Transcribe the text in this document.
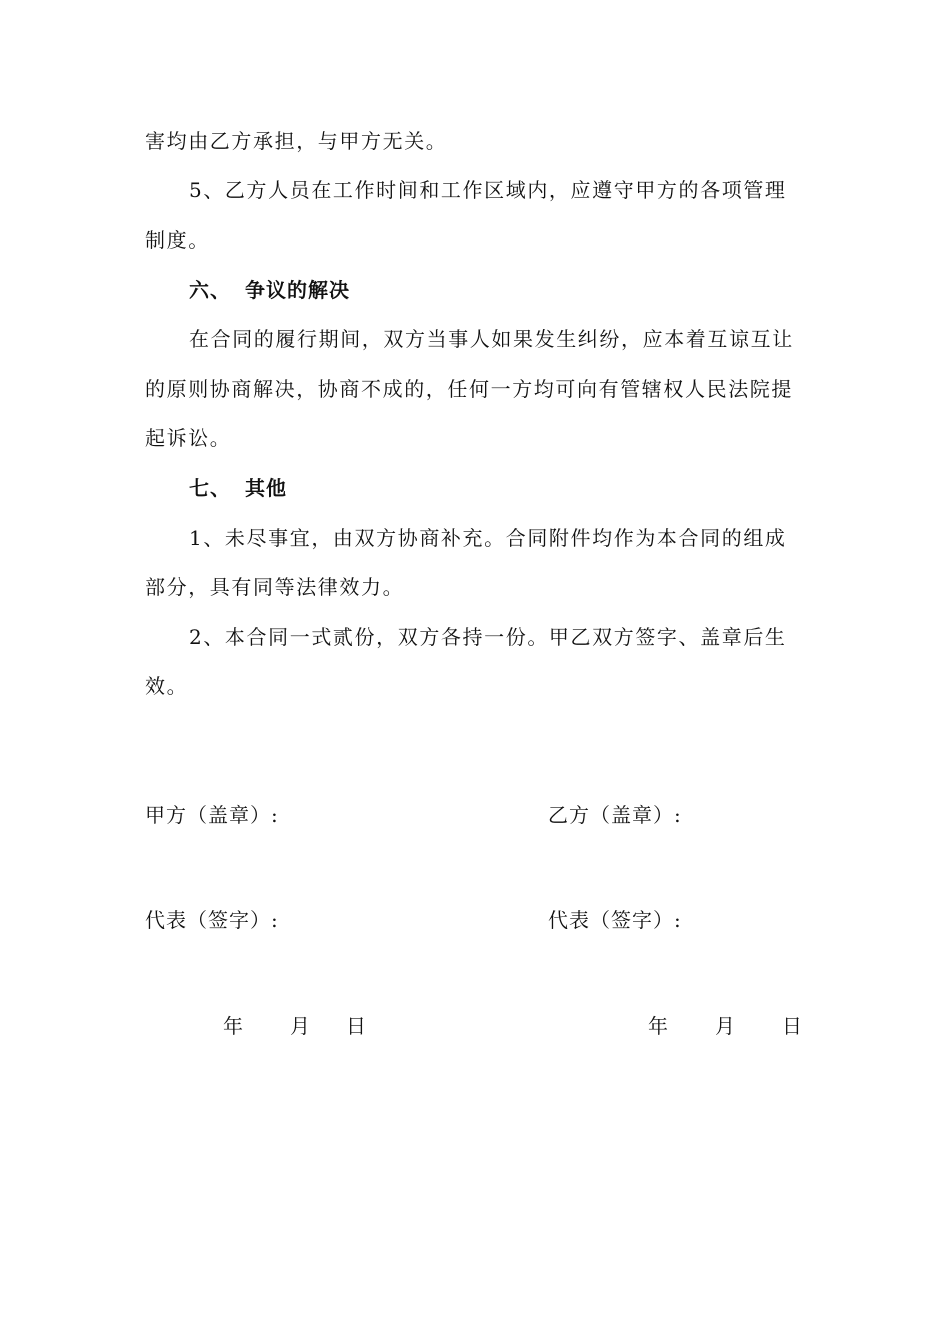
害均由乙方承担，与甲方无关。
5、乙方人员在工作时间和工作区域内，应遵守甲方的各项管理
制度。
六、 争议的解决
在合同的履行期间，双方当事人如果发生纠纷，应本着互谅互让
的原则协商解决，协商不成的，任何一方均可向有管辖权人民法院提
起诉讼。
七、 其他
1、未尽事宜，由双方协商补充。合同附件均作为本合同的组成
部分，具有同等法律效力。
2、本合同一式贰份，双方各持一份。甲乙双方签字、盖章后生
效。
甲方（盖章）:	乙方（盖章）:
代表（签字）:	代表（签字）:
年 月 日	年 月 日
